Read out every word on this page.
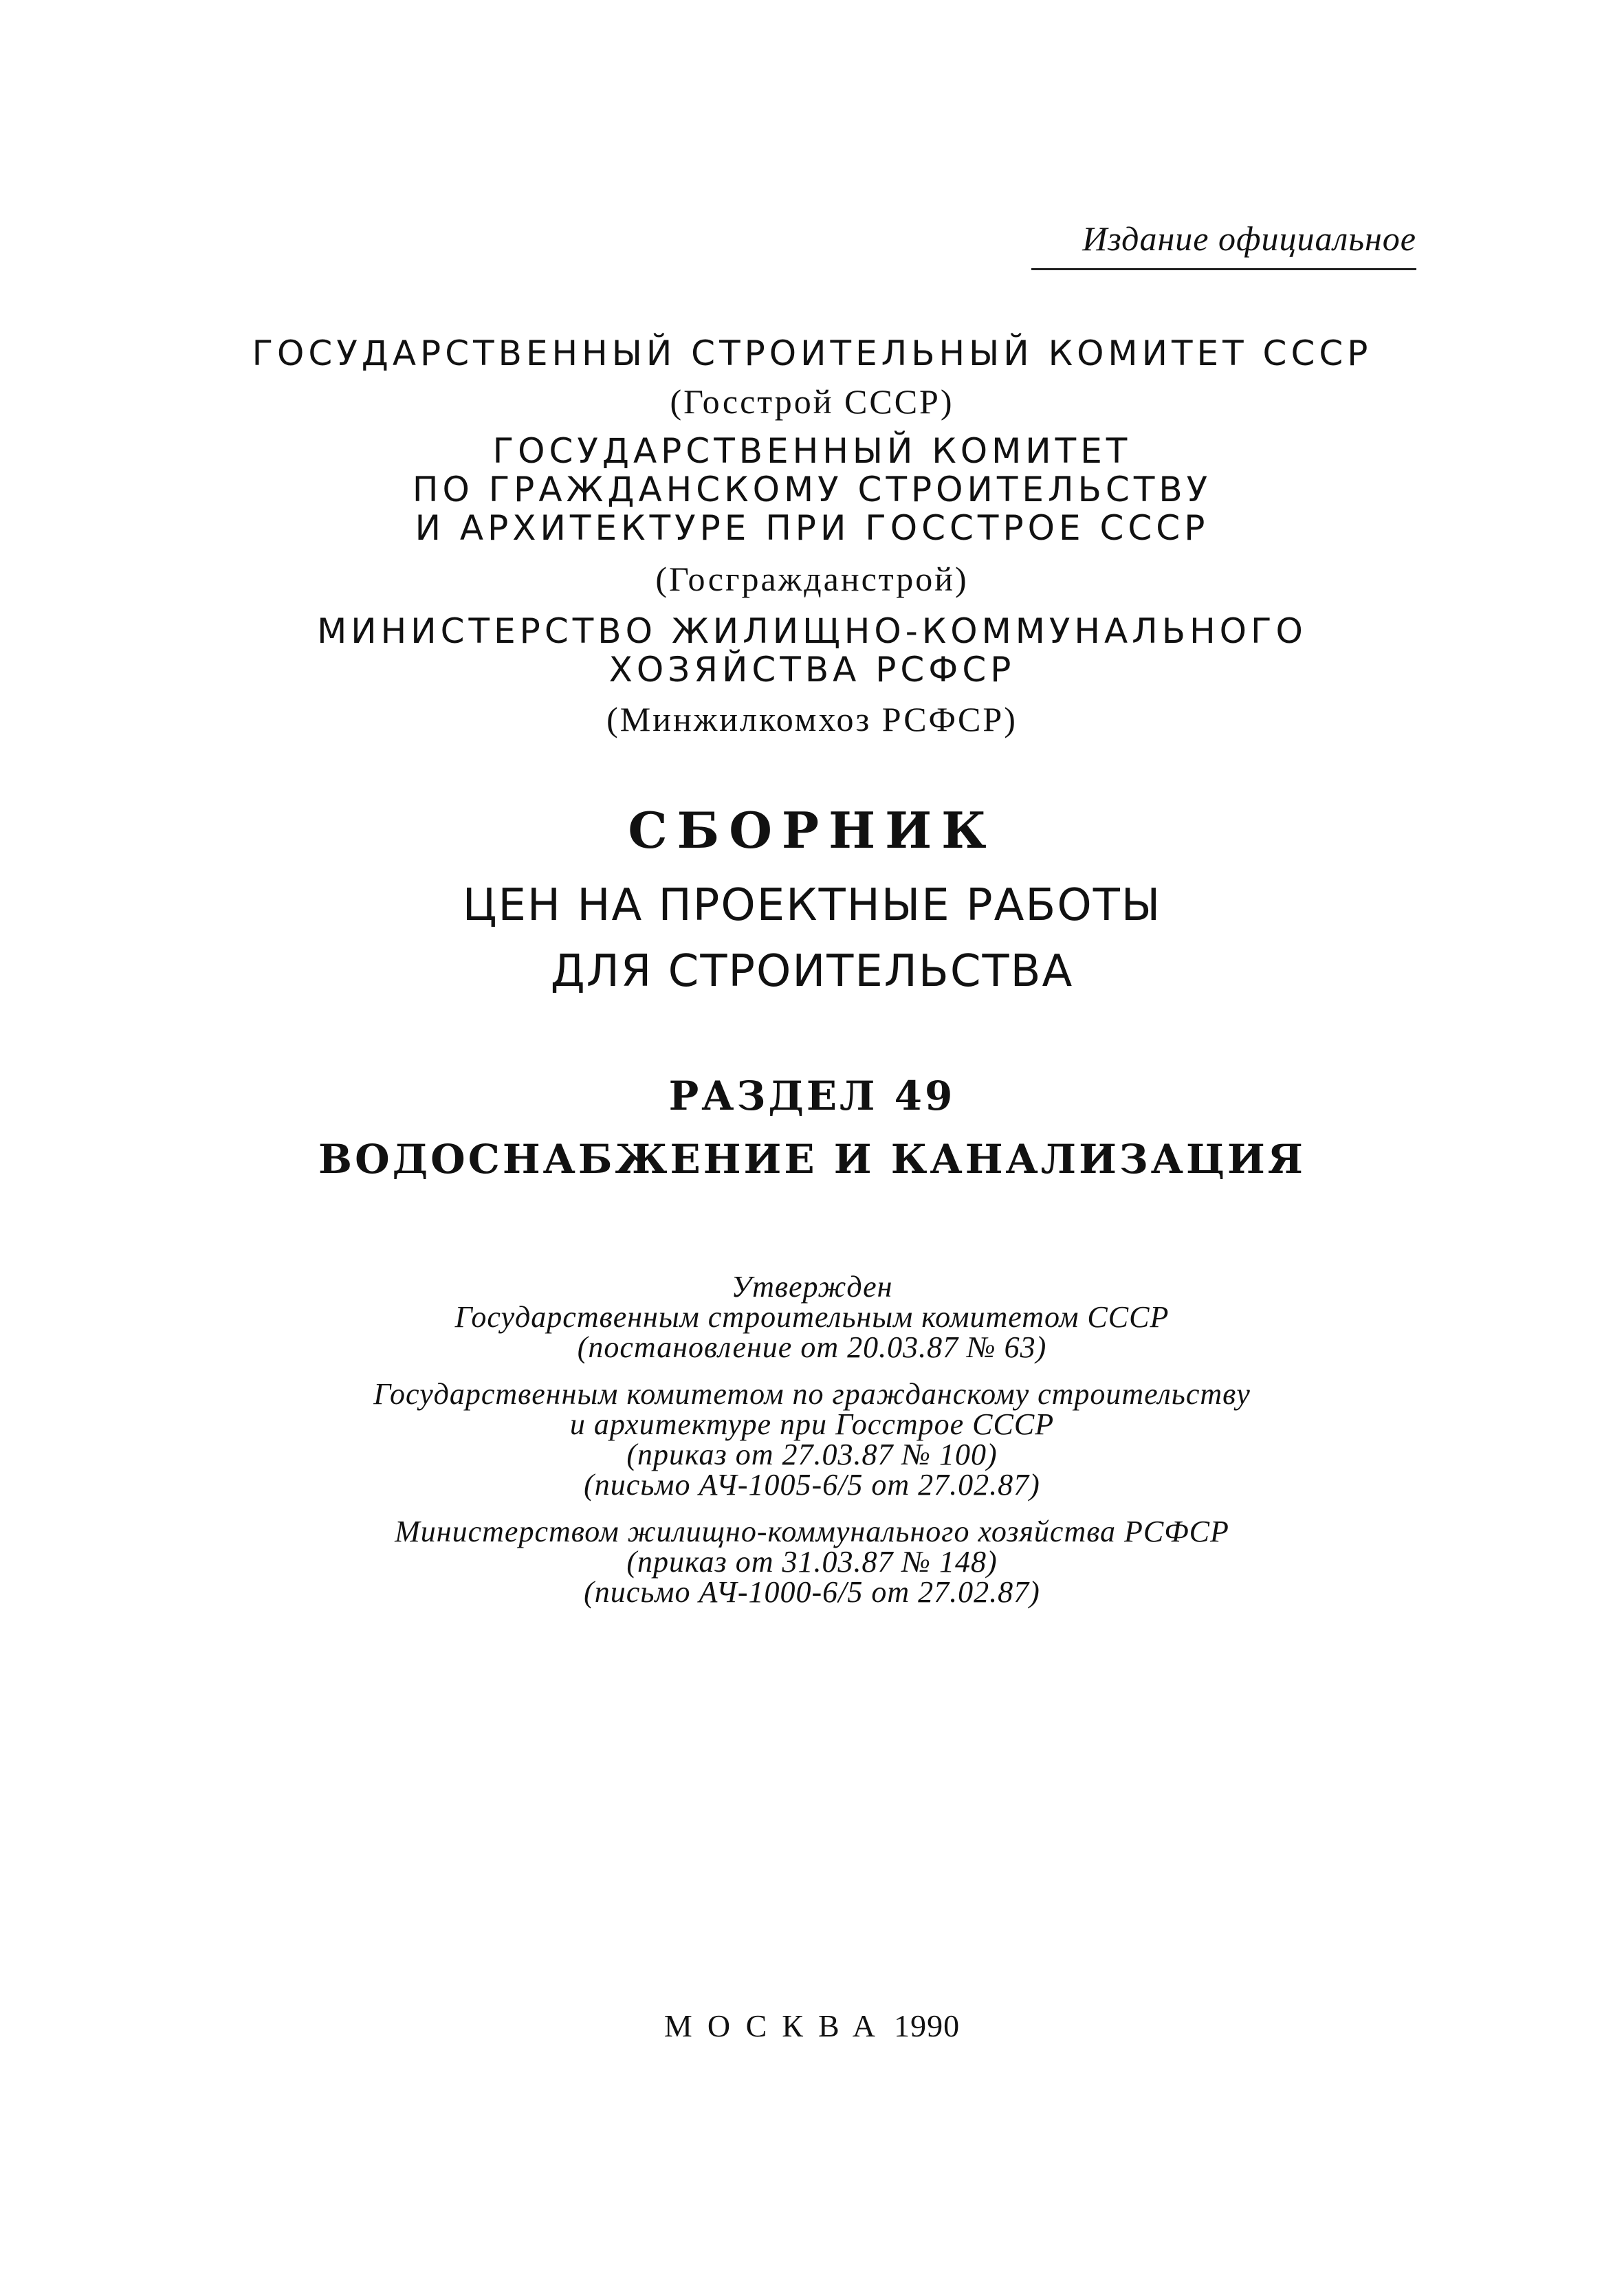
Издание официальное

ГОСУДАРСТВЕННЫЙ СТРОИТЕЛЬНЫЙ КОМИТЕТ СССР

(Госстрой СССР)

ГОСУДАРСТВЕННЫЙ КОМИТЕТ

ПО ГРАЖДАНСКОМУ СТРОИТЕЛЬСТВУ

И АРХИТЕКТУРЕ ПРИ ГОССТРОЕ СССР

(Госгражданстрой)

МИНИСТЕРСТВО ЖИЛИЩНО-КОММУНАЛЬНОГО

ХОЗЯЙСТВА РСФСР

(Минжилкомхоз РСФСР)

СБОРНИК

ЦЕН НА ПРОЕКТНЫЕ РАБОТЫ

ДЛЯ СТРОИТЕЛЬСТВА

РАЗДЕЛ 49

ВОДОСНАБЖЕНИЕ И КАНАЛИЗАЦИЯ

Утвержден

Государственным строительным комитетом СССР

(постановление от 20.03.87 № 63)

Государственным комитетом по гражданскому строительству

и архитектуре при Госстрое СССР

(приказ от 27.03.87 № 100)

(письмо АЧ-1005-6/5 от 27.02.87)

Министерством жилищно-коммунального хозяйства РСФСР

(приказ от 31.03.87 № 148)

(письмо АЧ-1000-6/5 от 27.02.87)

МОСКВА 1990
